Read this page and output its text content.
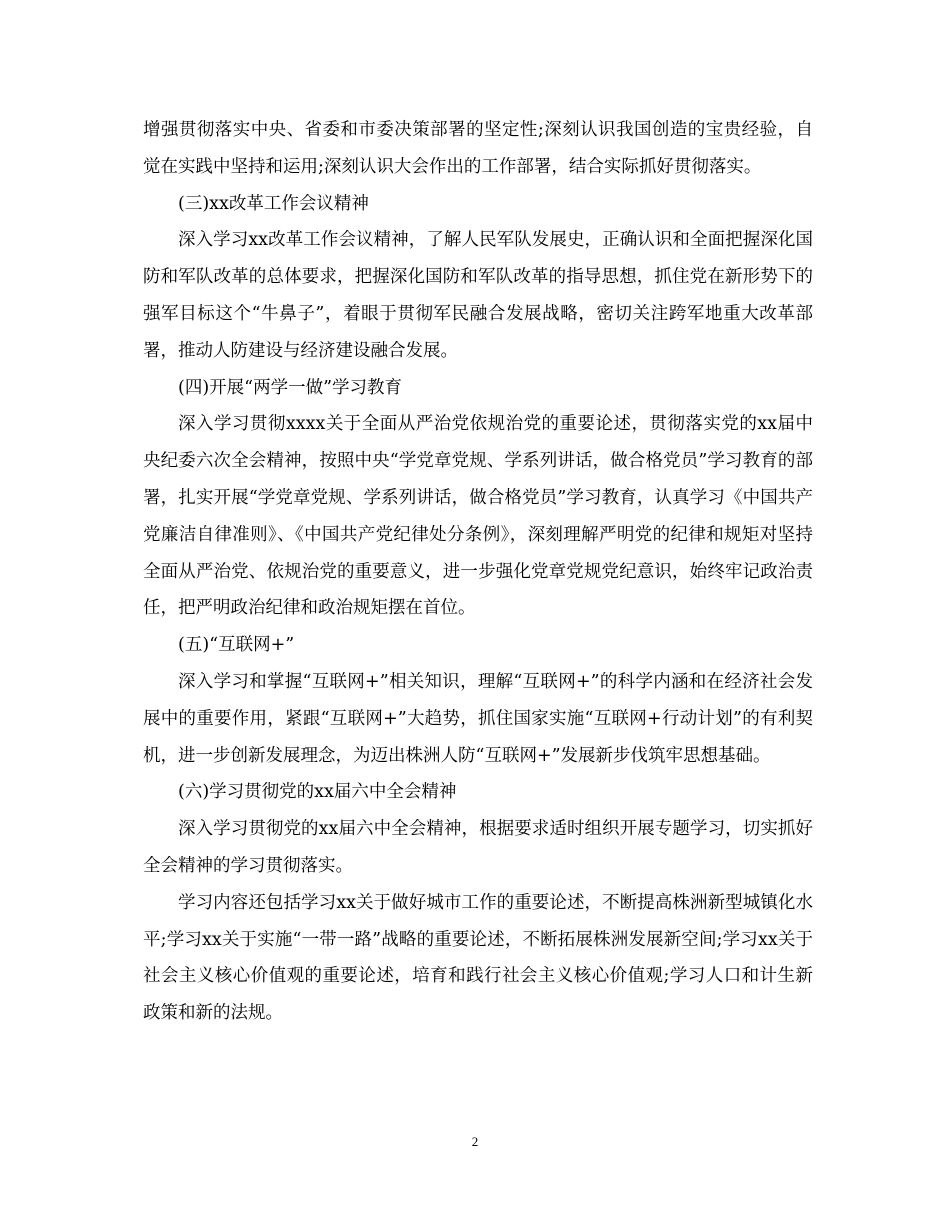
增强贯彻落实中央、省委和市委决策部署的坚定性;深刻认识我国创造的宝贵经验，自觉在实践中坚持和运用;深刻认识大会作出的工作部署，结合实际抓好贯彻落实。

(三)xx改革工作会议精神

深入学习xx改革工作会议精神，了解人民军队发展史，正确认识和全面把握深化国防和军队改革的总体要求，把握深化国防和军队改革的指导思想，抓住党在新形势下的强军目标这个“牛鼻子”，着眼于贯彻军民融合发展战略，密切关注跨军地重大改革部署，推动人防建设与经济建设融合发展。

(四)开展“两学一做”学习教育

深入学习贯彻xxxx关于全面从严治党依规治党的重要论述，贯彻落实党的xx届中央纪委六次全会精神，按照中央“学党章党规、学系列讲话，做合格党员”学习教育的部署，扎实开展“学党章党规、学系列讲话，做合格党员”学习教育，认真学习《中国共产党廉洁自律准则》、《中国共产党纪律处分条例》，深刻理解严明党的纪律和规矩对坚持全面从严治党、依规治党的重要意义，进一步强化党章党规党纪意识，始终牢记政治责任，把严明政治纪律和政治规矩摆在首位。

(五)“互联网+”

深入学习和掌握“互联网+”相关知识，理解“互联网+”的科学内涵和在经济社会发展中的重要作用，紧跟“互联网+”大趋势，抓住国家实施“互联网+行动计划”的有利契机，进一步创新发展理念，为迈出株洲人防“互联网+”发展新步伐筑牢思想基础。

(六)学习贯彻党的xx届六中全会精神

深入学习贯彻党的xx届六中全会精神，根据要求适时组织开展专题学习，切实抓好全会精神的学习贯彻落实。

学习内容还包括学习xx关于做好城市工作的重要论述，不断提高株洲新型城镇化水平;学习xx关于实施“一带一路”战略的重要论述，不断拓展株洲发展新空间;学习xx关于社会主义核心价值观的重要论述，培育和践行社会主义核心价值观;学习人口和计生新政策和新的法规。

2
